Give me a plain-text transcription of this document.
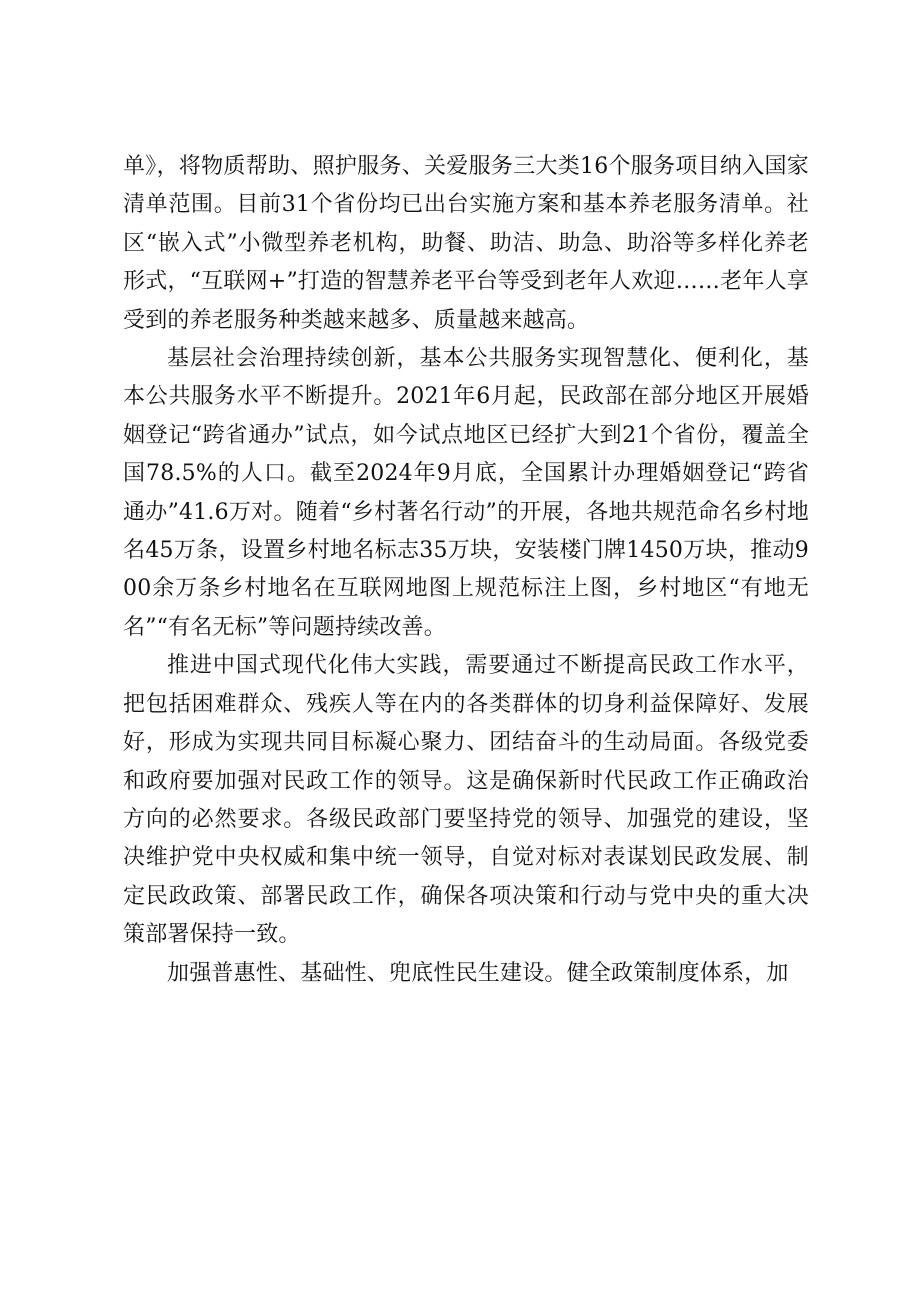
单》，将物质帮助、照护服务、关爱服务三大类16个服务项目纳入国家清单范围。目前31个省份均已出台实施方案和基本养老服务清单。社区“嵌入式”小微型养老机构，助餐、助洁、助急、助浴等多样化养老形式，“互联网+”打造的智慧养老平台等受到老年人欢迎……老年人享受到的养老服务种类越来越多、质量越来越高。

基层社会治理持续创新，基本公共服务实现智慧化、便利化，基本公共服务水平不断提升。2021年6月起，民政部在部分地区开展婚姻登记“跨省通办”试点，如今试点地区已经扩大到21个省份，覆盖全国78.5%的人口。截至2024年9月底，全国累计办理婚姻登记“跨省通办”41.6万对。随着“乡村著名行动”的开展，各地共规范命名乡村地名45万条，设置乡村地名标志35万块，安装楼门牌1450万块，推动900余万条乡村地名在互联网地图上规范标注上图，乡村地区“有地无名”“有名无标”等问题持续改善。

推进中国式现代化伟大实践，需要通过不断提高民政工作水平，把包括困难群众、残疾人等在内的各类群体的切身利益保障好、发展好，形成为实现共同目标凝心聚力、团结奋斗的生动局面。各级党委和政府要加强对民政工作的领导。这是确保新时代民政工作正确政治方向的必然要求。各级民政部门要坚持党的领导、加强党的建设，坚决维护党中央权威和集中统一领导，自觉对标对表谋划民政发展、制定民政政策、部署民政工作，确保各项决策和行动与党中央的重大决策部署保持一致。

加强普惠性、基础性、兜底性民生建设。健全政策制度体系，加
